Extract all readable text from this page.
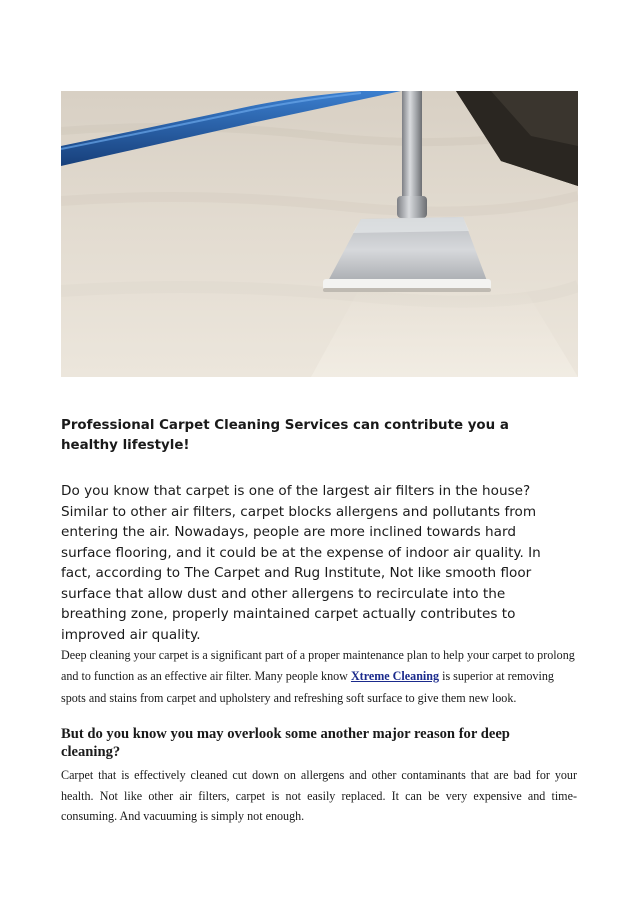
Professional Carpet Cleaning Services can contribute you a healthy lifestyle!

Do you know that carpet is one of the largest air filters in the house? Similar to other air filters, carpet blocks allergens and pollutants from entering the air. Nowadays, people are more inclined towards hard surface flooring, and it could be at the expense of indoor air quality. In fact, according to The Carpet and Rug Institute, Not like smooth floor surface that allow dust and other allergens to recirculate into the breathing zone, properly maintained carpet actually contributes to improved air quality.

Deep cleaning your carpet is a significant part of a proper maintenance plan to help your carpet to prolong and to function as an effective air filter. Many people know Xtreme Cleaning is superior at removing spots and stains from carpet and upholstery and refreshing soft surface to give them new look.

But do you know you may overlook some another major reason for deep cleaning?

Carpet that is effectively cleaned cut down on allergens and other contaminants that are bad for your health. Not like other air filters, carpet is not easily replaced. It can be very expensive and time-consuming. And vacuuming is simply not enough.
